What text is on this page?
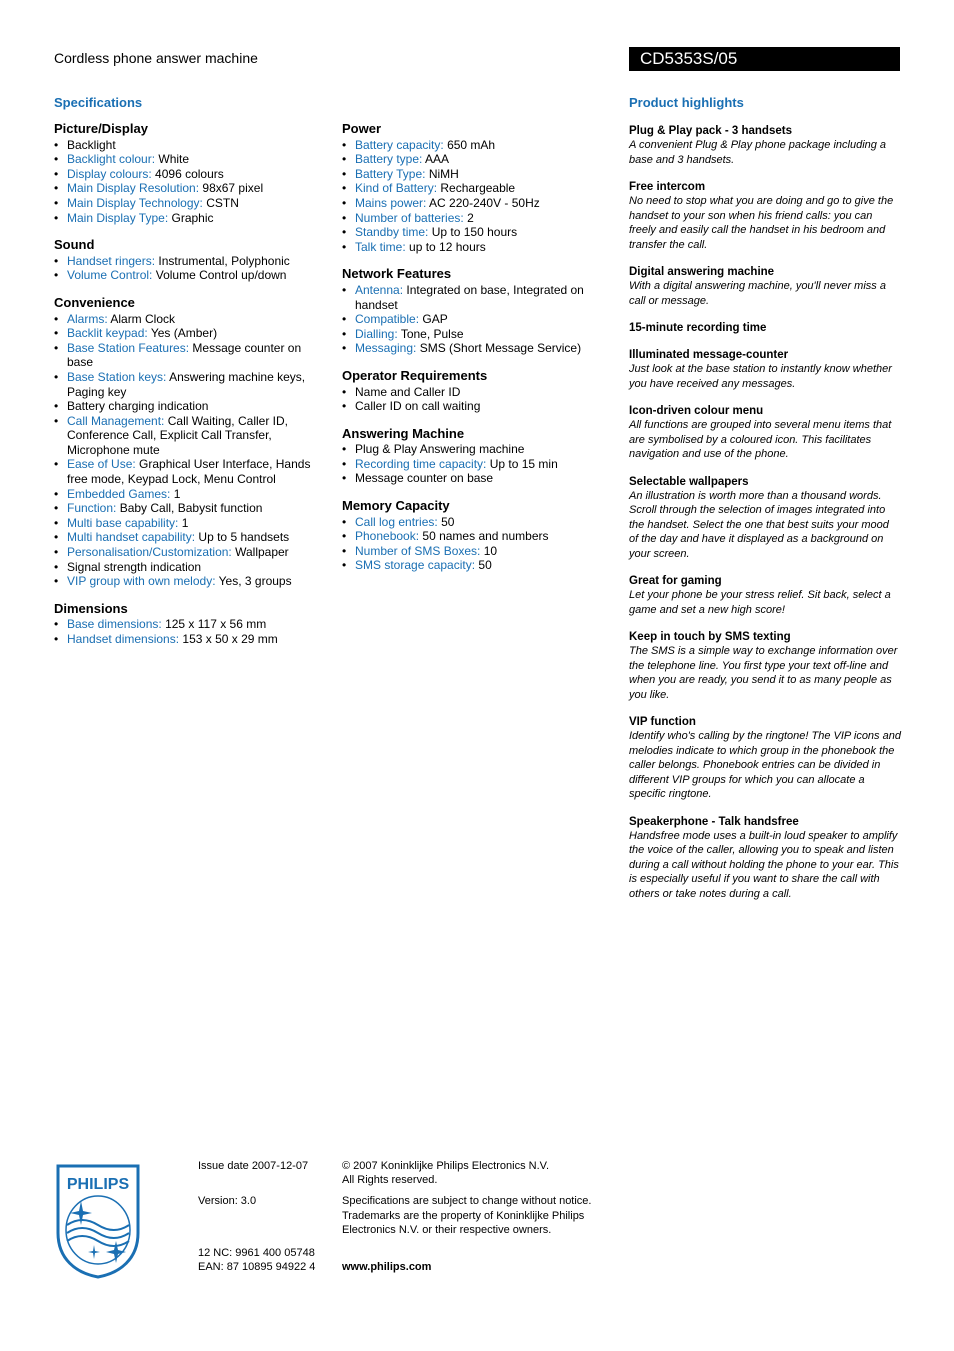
Cordless phone answer machine	CD5353S/05
Specifications	Product highlights
Picture/Display
• Backlight
• Backlight colour: White
• Display colours: 4096 colours
• Main Display Resolution: 98x67 pixel
• Main Display Technology: CSTN
• Main Display Type: Graphic
Sound
• Handset ringers: Instrumental, Polyphonic
• Volume Control: Volume Control up/down
Convenience
• Alarms: Alarm Clock
• Backlit keypad: Yes (Amber)
• Base Station Features: Message counter on base
• Base Station keys: Answering machine keys, Paging key
• Battery charging indication
• Call Management: Call Waiting, Caller ID, Conference Call, Explicit Call Transfer, Microphone mute
• Ease of Use: Graphical User Interface, Hands free mode, Keypad Lock, Menu Control
• Embedded Games: 1
• Function: Baby Call, Babysit function
• Multi base capability: 1
• Multi handset capability: Up to 5 handsets
• Personalisation/Customization: Wallpaper
• Signal strength indication
• VIP group with own melody: Yes, 3 groups
Dimensions
• Base dimensions: 125 x 117 x 56 mm
• Handset dimensions: 153 x 50 x 29 mm
Power
• Battery capacity: 650 mAh
• Battery type: AAA
• Battery Type: NiMH
• Kind of Battery: Rechargeable
• Mains power: AC 220-240V - 50Hz
• Number of batteries: 2
• Standby time: Up to 150 hours
• Talk time: up to 12 hours
Network Features
• Antenna: Integrated on base, Integrated on handset
• Compatible: GAP
• Dialling: Tone, Pulse
• Messaging: SMS (Short Message Service)
Operator Requirements
• Name and Caller ID
• Caller ID on call waiting
Answering Machine
• Plug & Play Answering machine
• Recording time capacity: Up to 15 min
• Message counter on base
Memory Capacity
• Call log entries: 50
• Phonebook: 50 names and numbers
• Number of SMS Boxes: 10
• SMS storage capacity: 50
Plug & Play pack - 3 handsets
A convenient Plug & Play phone package including a base and 3 handsets.
Free intercom
No need to stop what you are doing and go to give the handset to your son when his friend calls: you can freely and easily call the handset in his bedroom and transfer the call.
Digital answering machine
With a digital answering machine, you'll never miss a call or message.
15-minute recording time
Illuminated message-counter
Just look at the base station to instantly know whether you have received any messages.
Icon-driven colour menu
All functions are grouped into several menu items that are symbolised by a coloured icon. This facilitates navigation and use of the phone.
Selectable wallpapers
An illustration is worth more than a thousand words. Scroll through the selection of images integrated into the handset. Select the one that best suits your mood of the day and have it displayed as a background on your screen.
Great for gaming
Let your phone be your stress relief. Sit back, select a game and set a new high score!
Keep in touch by SMS texting
The SMS is a simple way to exchange information over the telephone line. You first type your text off-line and when you are ready, you send it to as many people as you like.
VIP function
Identify who's calling by the ringtone! The VIP icons and melodies indicate to which group in the phonebook the caller belongs. Phonebook entries can be divided in different VIP groups for which you can allocate a specific ringtone.
Speakerphone - Talk handsfree
Handsfree mode uses a built-in loud speaker to amplify the voice of the caller, allowing you to speak and listen during a call without holding the phone to your ear. This is especially useful if you want to share the call with others or take notes during a call.
PHILIPS
Issue date 2007-12-07
Version: 3.0
12 NC: 9961 400 05748
EAN: 87 10895 94922 4
© 2007 Koninklijke Philips Electronics N.V.
All Rights reserved.
Specifications are subject to change without notice.
Trademarks are the property of Koninklijke Philips
Electronics N.V. or their respective owners.
www.philips.com
